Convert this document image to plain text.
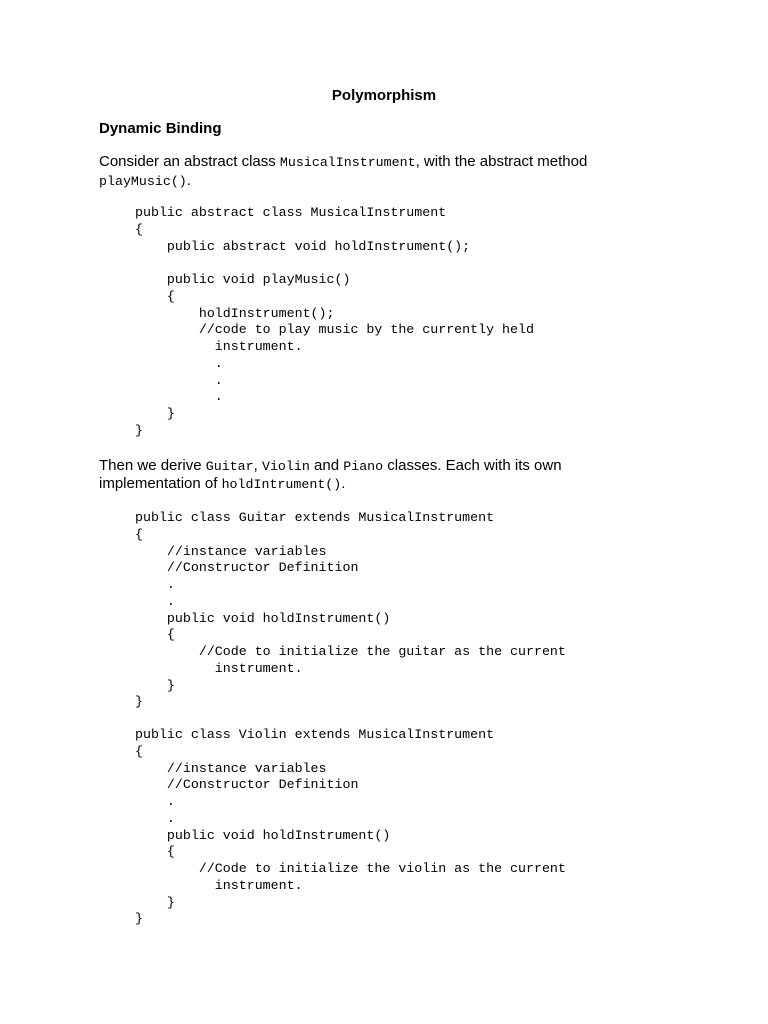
Polymorphism
Dynamic Binding

Consider an abstract class MusicalInstrument, with the abstract method

playMusic().

public abstract class MusicalInstrument
{
public abstract void holdInstrument();

public void playMusic()
{
holdInstrument();
//code to play music by the currently held
instrument.
.
.
.
}
}

Then we derive Guitar, Violin and Piano classes. Each with its own

implementation of holdIntrument().

public class Guitar extends MusicalInstrument
{
//instance variables
//Constructor Definition
.
.
public void holdInstrument()
{
//Code to initialize the guitar as the current
instrument.
}
}
public class Violin extends MusicalInstrument
{
//instance variables
//Constructor Definition
.
.
public void holdInstrument()
{
//Code to initialize the violin as the current
instrument.
}
}
